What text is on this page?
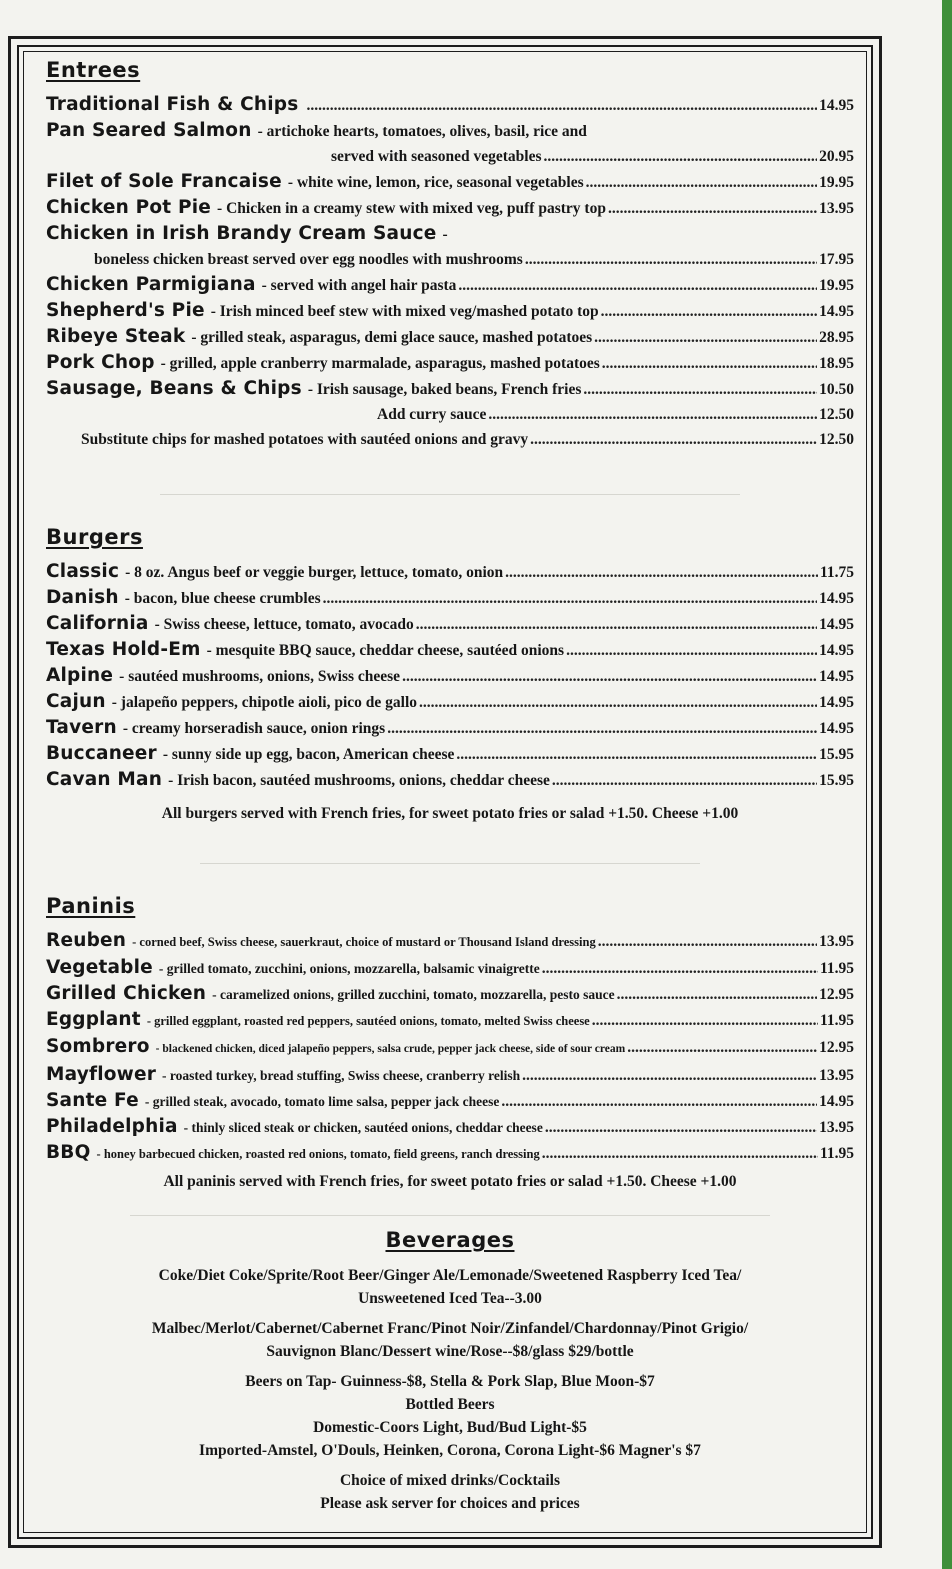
Entrees
Traditional Fish & Chips .....	14.95
Pan Seared Salmon - artichoke hearts, tomatoes, olives, basil, rice and
served with seasoned vegetables .....	20.95
Filet of Sole Francaise - white wine, lemon, rice, seasonal vegetables .....	19.95
Chicken Pot Pie - Chicken in a creamy stew with mixed veg, puff pastry top .....	13.95
Chicken in Irish Brandy Cream Sauce -
boneless chicken breast served over egg noodles with mushrooms .....	17.95
Chicken Parmigiana - served with angel hair pasta .....	19.95
Shepherd's Pie - Irish minced beef stew with mixed veg/mashed potato top .....	14.95
Ribeye Steak - grilled steak, asparagus, demi glace sauce, mashed potatoes .....	28.95
Pork Chop - grilled, apple cranberry marmalade, asparagus, mashed potatoes .....	18.95
Sausage, Beans & Chips - Irish sausage, baked beans, French fries .....	10.50
Add curry sauce .....	12.50
Substitute chips for mashed potatoes with sautéed onions and gravy .....	12.50
Burgers
Classic - 8 oz. Angus beef or veggie burger, lettuce, tomato, onion .....	11.75
Danish - bacon, blue cheese crumbles .....	14.95
California - Swiss cheese, lettuce, tomato, avocado .....	14.95
Texas Hold-Em - mesquite BBQ sauce, cheddar cheese, sautéed onions .....	14.95
Alpine - sautéed mushrooms, onions, Swiss cheese .....	14.95
Cajun - jalapeño peppers, chipotle aioli, pico de gallo .....	14.95
Tavern - creamy horseradish sauce, onion rings .....	14.95
Buccaneer - sunny side up egg, bacon, American cheese .....	15.95
Cavan Man - Irish bacon, sautéed mushrooms, onions, cheddar cheese .....	15.95
All burgers served with French fries, for sweet potato fries or salad +1.50. Cheese +1.00
Paninis
Reuben - corned beef, Swiss cheese, sauerkraut, choice of mustard or Thousand Island dressing .....	13.95
Vegetable - grilled tomato, zucchini, onions, mozzarella, balsamic vinaigrette .....	11.95
Grilled Chicken - caramelized onions, grilled zucchini, tomato, mozzarella, pesto sauce .....	12.95
Eggplant - grilled eggplant, roasted red peppers, sautéed onions, tomato, melted Swiss cheese .....	11.95
Sombrero - blackened chicken, diced jalapeño peppers, salsa crude, pepper jack cheese, side of sour cream .....	12.95
Mayflower - roasted turkey, bread stuffing, Swiss cheese, cranberry relish .....	13.95
Sante Fe - grilled steak, avocado, tomato lime salsa, pepper jack cheese .....	14.95
Philadelphia - thinly sliced steak or chicken, sautéed onions, cheddar cheese .....	13.95
BBQ - honey barbecued chicken, roasted red onions, tomato, field greens, ranch dressing .....	11.95
All paninis served with French fries, for sweet potato fries or salad +1.50. Cheese +1.00
Beverages
Coke/Diet Coke/Sprite/Root Beer/Ginger Ale/Lemonade/Sweetened Raspberry Iced Tea/
Unsweetened Iced Tea--3.00
Malbec/Merlot/Cabernet/Cabernet Franc/Pinot Noir/Zinfandel/Chardonnay/Pinot Grigio/
Sauvignon Blanc/Dessert wine/Rose--$8/glass $29/bottle
Beers on Tap- Guinness-$8, Stella & Pork Slap, Blue Moon-$7
Bottled Beers
Domestic-Coors Light, Bud/Bud Light-$5
Imported-Amstel, O'Douls, Heinken, Corona, Corona Light-$6 Magner's $7
Choice of mixed drinks/Cocktails
Please ask server for choices and prices
